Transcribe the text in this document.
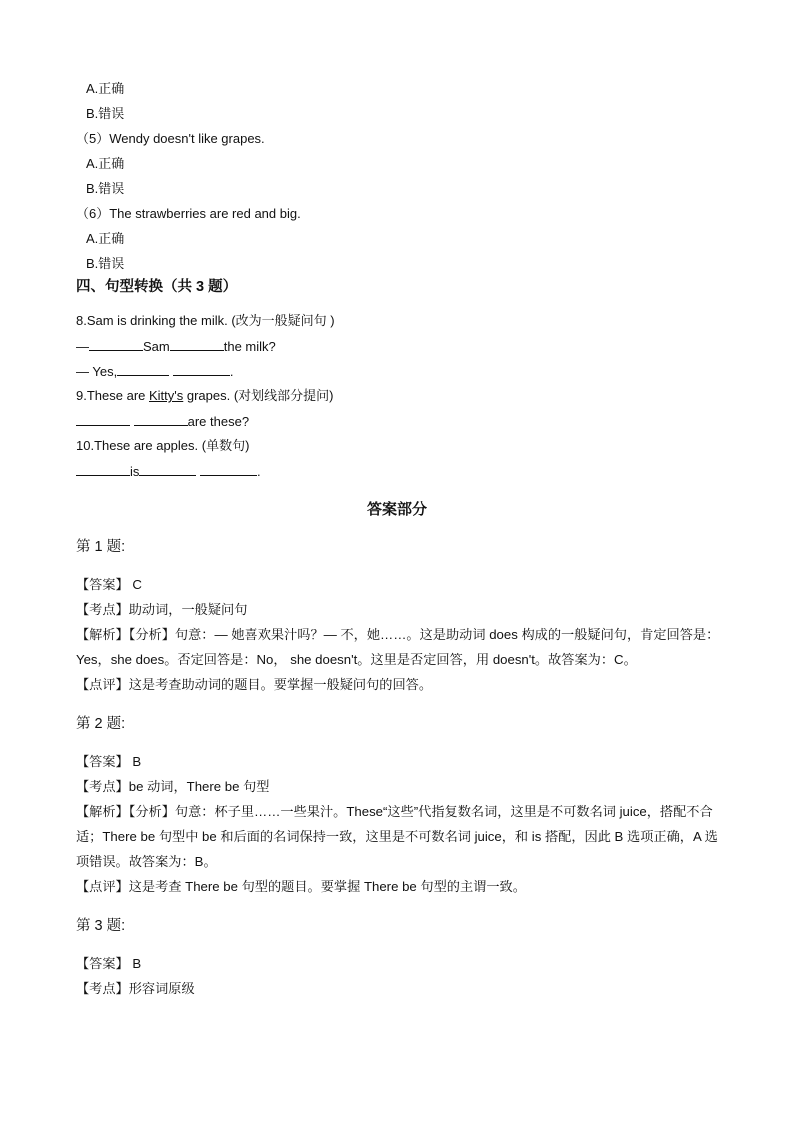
A.正确
B.错误
（5）Wendy doesn't like grapes.
A.正确
B.错误
（6）The strawberries are red and big.
A.正确
B.错误
四、句型转换（共 3 题）
8.Sam is drinking the milk. (改为一般疑问句 )
—	Sam	the milk?
— Yes,	.
9.These are Kitty's grapes. (对划线部分提问)
are these?
10.These are apples. (单数句)
is	.
答案部分
第 1 题:
【答案】 C
【考点】助动词，一般疑问句
【解析】【分析】句意：— 她喜欢果汁吗？— 不，她……。这是助动词 does 构成的一般疑问句，肯定回答是：Yes，she does。否定回答是：No， she doesn't。这里是否定回答，用 doesn't。故答案为：C。
【点评】这是考查助动词的题目。要掌握一般疑问句的回答。
第 2 题:
【答案】 B
【考点】be 动词，There be 句型
【解析】【分析】句意：杯子里……一些果汁。These“这些”代指复数名词，这里是不可数名词 juice，搭配不合适；There be 句型中 be 和后面的名词保持一致，这里是不可数名词 juice，和 is 搭配，因此 B 选项正确，A 选项错误。故答案为：B。
【点评】这是考查 There be 句型的题目。要掌握 There be 句型的主谓一致。
第 3 题:
【答案】 B
【考点】形容词原级
